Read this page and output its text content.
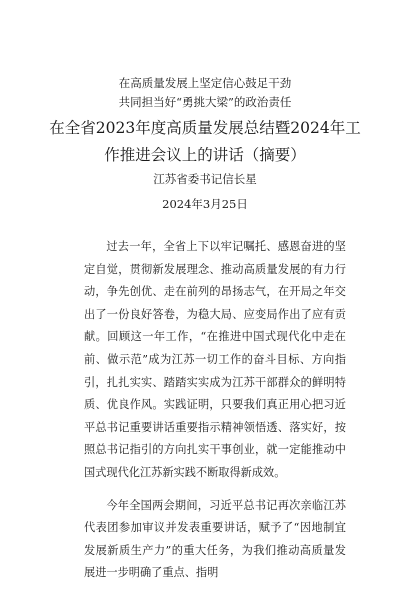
在高质量发展上坚定信心鼓足干劲
共同担当好“勇挑大梁”的政治责任
在全省2023年度高质量发展总结暨2024年工
作推进会议上的讲话（摘要）
江苏省委书记信长星
2024年3月25日

过去一年，全省上下以牢记嘱托、感恩奋进的坚定自觉，贯彻新发展理念、推动高质量发展的有力行动，争先创优、走在前列的昂扬志气，在开局之年交出了一份良好答卷，为稳大局、应变局作出了应有贡献。回顾这一年工作，“在推进中国式现代化中走在前、做示范”成为江苏一切工作的奋斗目标、方向指引，扎扎实实、踏踏实实成为江苏干部群众的鲜明特质、优良作风。实践证明，只要我们真正用心把习近平总书记重要讲话重要指示精神领悟透、落实好，按照总书记指引的方向扎实干事创业，就一定能推动中国式现代化江苏新实践不断取得新成效。

今年全国两会期间，习近平总书记再次亲临江苏代表团参加审议并发表重要讲话，赋予了“因地制宜发展新质生产力”的重大任务，为我们推动高质量发展进一步明确了重点、指明
